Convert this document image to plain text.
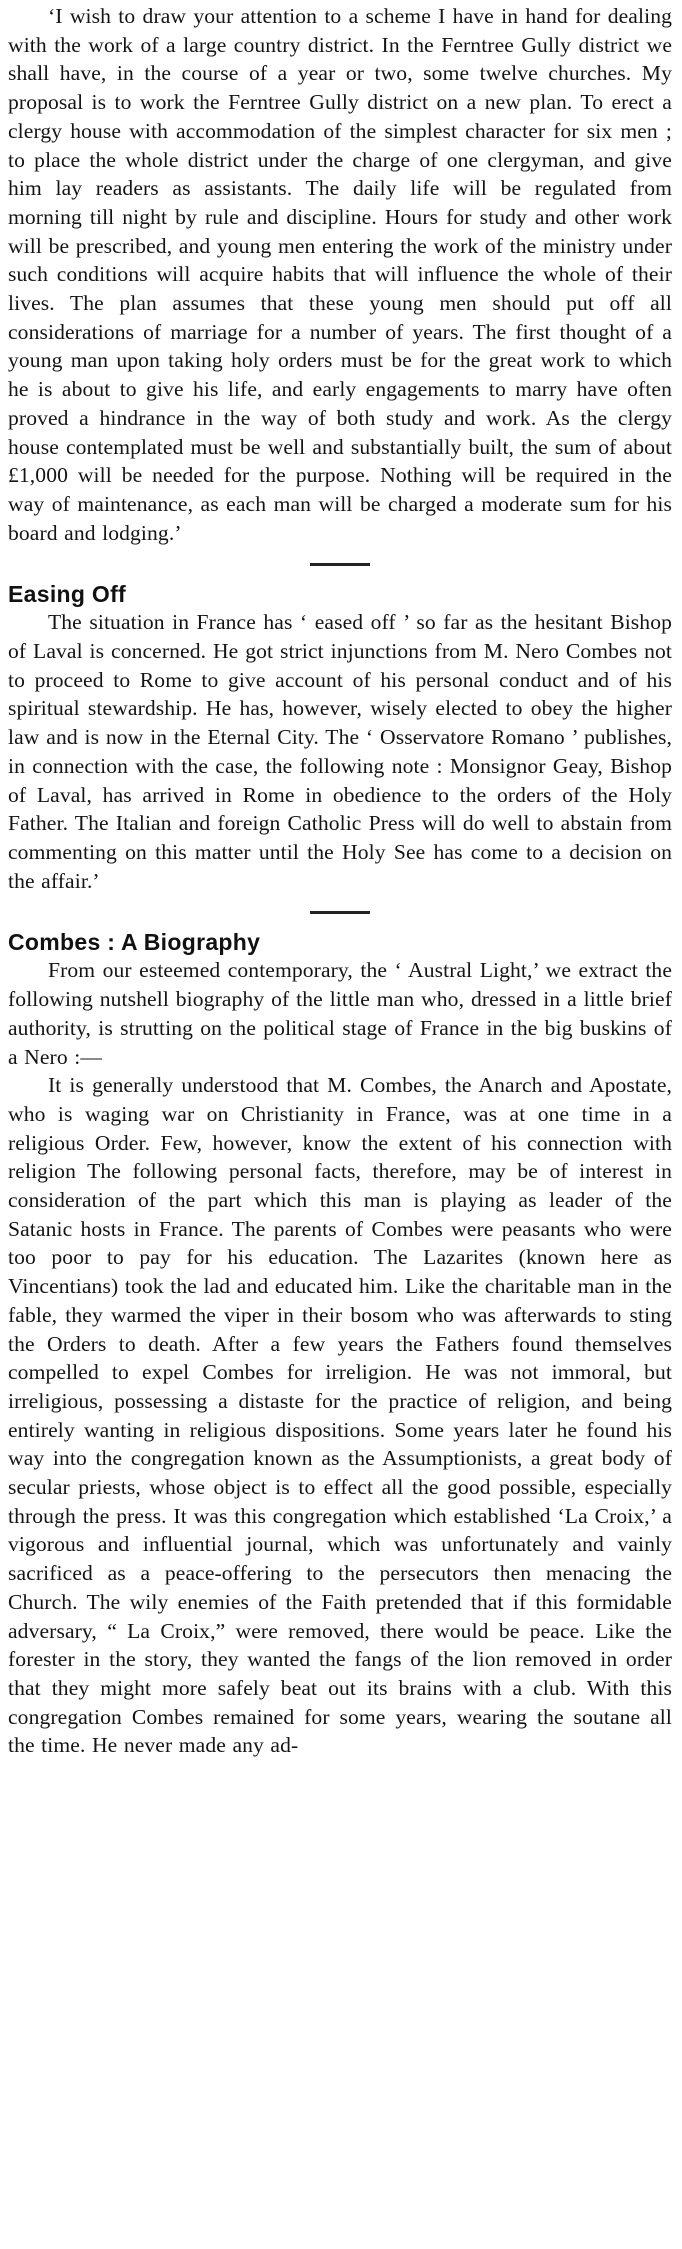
‘I wish to draw your attention to a scheme I have in hand for dealing with the work of a large country district. In the Ferntree Gully district we shall have, in the course of a year or two, some twelve churches. My proposal is to work the Ferntree Gully district on a new plan. To erect a clergy house with accommodation of the simplest character for six men ; to place the whole district under the charge of one clergyman, and give him lay readers as assistants. The daily life will be regulated from morning till night by rule and discipline. Hours for study and other work will be prescribed, and young men entering the work of the ministry under such conditions will acquire habits that will influence the whole of their lives. The plan assumes that these young men should put off all considerations of marriage for a number of years. The first thought of a young man upon taking holy orders must be for the great work to which he is about to give his life, and early engagements to marry have often proved a hindrance in the way of both study and work. As the clergy house contemplated must be well and substantially built, the sum of about £1,000 will be needed for the purpose. Nothing will be required in the way of maintenance, as each man will be charged a moderate sum for his board and lodging.’

Easing Off

The situation in France has ‘ eased off ’ so far as the hesitant Bishop of Laval is concerned. He got strict injunctions from M. Nero Combes not to proceed to Rome to give account of his personal conduct and of his spiritual stewardship. He has, however, wisely elected to obey the higher law and is now in the Eternal City. The ‘ Osservatore Romano ’ publishes, in connection with the case, the following note : Monsignor Geay, Bishop of Laval, has arrived in Rome in obedience to the orders of the Holy Father. The Italian and foreign Catholic Press will do well to abstain from commenting on this matter until the Holy See has come to a decision on the affair.’

Combes : A Biography

From our esteemed contemporary, the ‘ Austral Light,’ we extract the following nutshell biography of the little man who, dressed in a little brief authority, is strutting on the political stage of France in the big buskins of a Nero :—

It is generally understood that M. Combes, the Anarch and Apostate, who is waging war on Christianity in France, was at one time in a religious Order. Few, however, know the extent of his connection with religion The following personal facts, therefore, may be of interest in consideration of the part which this man is playing as leader of the Satanic hosts in France. The parents of Combes were peasants who were too poor to pay for his education. The Lazarites (known here as Vincentians) took the lad and educated him. Like the charitable man in the fable, they warmed the viper in their bosom who was afterwards to sting the Orders to death. After a few years the Fathers found themselves compelled to expel Combes for irreligion. He was not immoral, but irreligious, possessing a distaste for the practice of religion, and being entirely wanting in religious dispositions. Some years later he found his way into the congregation known as the Assumptionists, a great body of secular priests, whose object is to effect all the good possible, especially through the press. It was this congregation which established ‘La Croix,’ a vigorous and influential journal, which was unfortunately and vainly sacrificed as a peace-offering to the persecutors then menacing the Church. The wily enemies of the Faith pretended that if this formidable adversary, “ La Croix,” were removed, there would be peace. Like the forester in the story, they wanted the fangs of the lion removed in order that they might more safely beat out its brains with a club. With this congregation Combes remained for some years, wearing the soutane all the time. He never made any ad-
